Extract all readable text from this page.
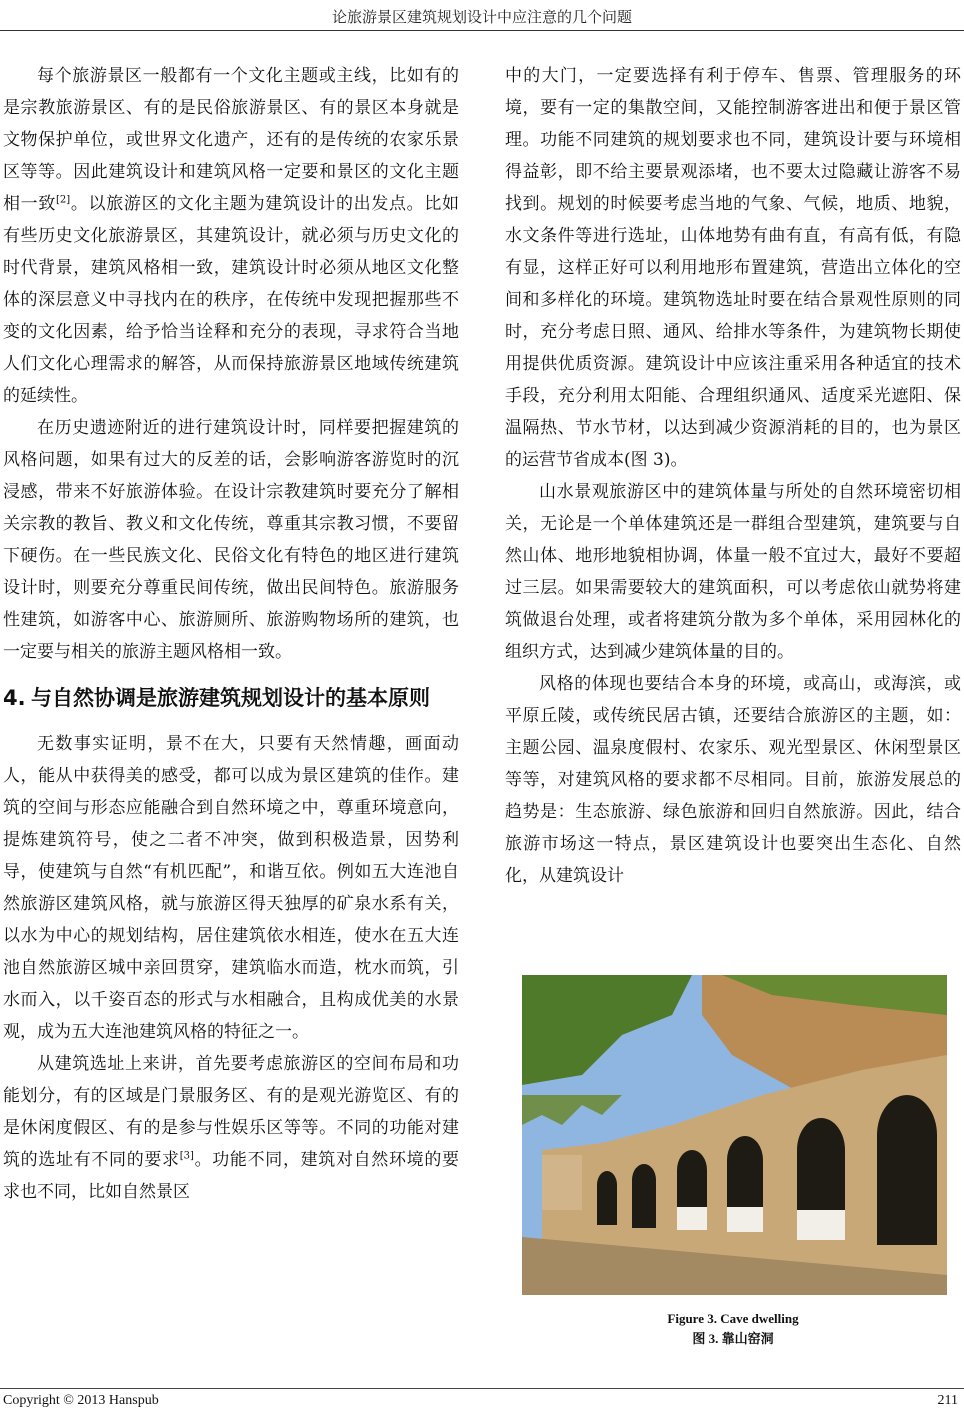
论旅游景区建筑规划设计中应注意的几个问题

每个旅游景区一般都有一个文化主题或主线，比如有的是宗教旅游景区、有的是民俗旅游景区、有的景区本身就是文物保护单位，或世界文化遗产，还有的是传统的农家乐景区等等。因此建筑设计和建筑风格一定要和景区的文化主题相一致[2]。以旅游区的文化主题为建筑设计的出发点。比如有些历史文化旅游景区，其建筑设计，就必须与历史文化的时代背景，建筑风格相一致，建筑设计时必须从地区文化整体的深层意义中寻找内在的秩序，在传统中发现把握那些不变的文化因素，给予恰当诠释和充分的表现，寻求符合当地人们文化心理需求的解答，从而保持旅游景区地域传统建筑的延续性。

在历史遗迹附近的进行建筑设计时，同样要把握建筑的风格问题，如果有过大的反差的话，会影响游客游览时的沉浸感，带来不好旅游体验。在设计宗教建筑时要充分了解相关宗教的教旨、教义和文化传统，尊重其宗教习惯，不要留下硬伤。在一些民族文化、民俗文化有特色的地区进行建筑设计时，则要充分尊重民间传统，做出民间特色。旅游服务性建筑，如游客中心、旅游厕所、旅游购物场所的建筑，也一定要与相关的旅游主题风格相一致。

4. 与自然协调是旅游建筑规划设计的基本原则

无数事实证明，景不在大，只要有天然情趣，画面动人，能从中获得美的感受，都可以成为景区建筑的佳作。建筑的空间与形态应能融合到自然环境之中，尊重环境意向，提炼建筑符号，使之二者不冲突，做到积极造景，因势利导，使建筑与自然“有机匹配”，和谐互依。例如五大连池自然旅游区建筑风格，就与旅游区得天独厚的矿泉水系有关，以水为中心的规划结构，居住建筑依水相连，使水在五大连池自然旅游区城中亲回贯穿，建筑临水而造，枕水而筑，引水而入，以千姿百态的形式与水相融合，且构成优美的水景观，成为五大连池建筑风格的特征之一。

从建筑选址上来讲，首先要考虑旅游区的空间布局和功能划分，有的区域是门景服务区、有的是观光游览区、有的是休闲度假区、有的是参与性娱乐区等等。不同的功能对建筑的选址有不同的要求[3]。功能不同，建筑对自然环境的要求也不同，比如自然景区

中的大门，一定要选择有利于停车、售票、管理服务的环境，要有一定的集散空间，又能控制游客进出和便于景区管理。功能不同建筑的规划要求也不同，建筑设计要与环境相得益彰，即不给主要景观添堵，也不要太过隐藏让游客不易找到。规划的时候要考虑当地的气象、气候，地质、地貌，水文条件等进行选址，山体地势有曲有直，有高有低，有隐有显，这样正好可以利用地形布置建筑，营造出立体化的空间和多样化的环境。建筑物选址时要在结合景观性原则的同时，充分考虑日照、通风、给排水等条件，为建筑物长期使用提供优质资源。建筑设计中应该注重采用各种适宜的技术手段，充分利用太阳能、合理组织通风、适度采光遮阳、保温隔热、节水节材，以达到减少资源消耗的目的，也为景区的运营节省成本(图 3)。

山水景观旅游区中的建筑体量与所处的自然环境密切相关，无论是一个单体建筑还是一群组合型建筑，建筑要与自然山体、地形地貌相协调，体量一般不宜过大，最好不要超过三层。如果需要较大的建筑面积，可以考虑依山就势将建筑做退台处理，或者将建筑分散为多个单体，采用园林化的组织方式，达到减少建筑体量的目的。

风格的体现也要结合本身的环境，或高山，或海滨，或平原丘陵，或传统民居古镇，还要结合旅游区的主题，如：主题公园、温泉度假村、农家乐、观光型景区、休闲型景区等等，对建筑风格的要求都不尽相同。目前，旅游发展总的趋势是：生态旅游、绿色旅游和回归自然旅游。因此，结合旅游市场这一特点，景区建筑设计也要突出生态化、自然化，从建筑设计

Figure 3. Cave dwelling
图 3. 靠山窑洞
Copyright © 2013 Hanspub	211
